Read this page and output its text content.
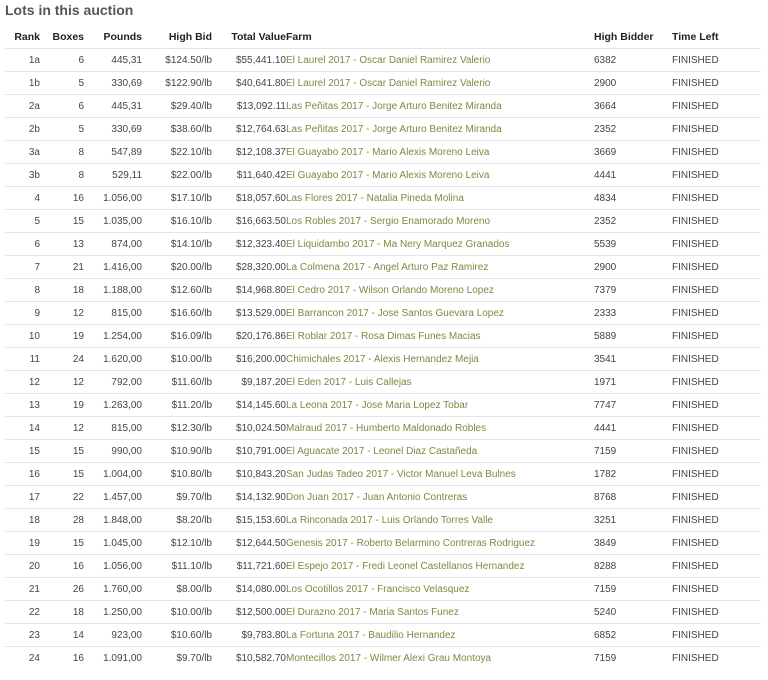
Lots in this auction
Rank	Boxes	Pounds	High Bid	Total Value	Farm	High Bidder	Time Left
1a	6	445,31	$124.50/lb	$55,441.10	El Laurel 2017 - Oscar Daniel Ramirez Valerio	6382	FINISHED
1b	5	330,69	$122.90/lb	$40,641.80	El Laurel 2017 - Oscar Daniel Ramirez Valerio	2900	FINISHED
2a	6	445,31	$29.40/lb	$13,092.11	Las Peñitas 2017 - Jorge Arturo Benitez Miranda	3664	FINISHED
2b	5	330,69	$38.60/lb	$12,764.63	Las Peñitas 2017 - Jorge Arturo Benitez Miranda	2352	FINISHED
3a	8	547,89	$22.10/lb	$12,108.37	El Guayabo 2017 - Mario Alexis Moreno Leiva	3669	FINISHED
3b	8	529,11	$22.00/lb	$11,640.42	El Guayabo 2017 - Mario Alexis Moreno Leiva	4441	FINISHED
4	16	1.056,00	$17.10/lb	$18,057.60	Las Flores 2017 - Natalia Pineda Molina	4834	FINISHED
5	15	1.035,00	$16.10/lb	$16,663.50	Los Robles 2017 - Sergio Enamorado Moreno	2352	FINISHED
6	13	874,00	$14.10/lb	$12,323.40	El Liquidambo 2017 - Ma Nery Marquez Granados	5539	FINISHED
7	21	1.416,00	$20.00/lb	$28,320.00	La Colmena 2017 - Angel Arturo Paz Ramirez	2900	FINISHED
8	18	1.188,00	$12.60/lb	$14,968.80	El Cedro 2017 - Wilson Orlando Moreno Lopez	7379	FINISHED
9	12	815,00	$16.60/lb	$13,529.00	El Barrancon 2017 - Jose Santos Guevara Lopez	2333	FINISHED
10	19	1.254,00	$16.09/lb	$20,176.86	El Roblar 2017 - Rosa Dimas Funes Macias	5889	FINISHED
11	24	1.620,00	$10.00/lb	$16,200.00	Chimichales 2017 - Alexis Hernandez Mejia	3541	FINISHED
12	12	792,00	$11.60/lb	$9,187.20	El Eden 2017 - Luis Callejas	1971	FINISHED
13	19	1.263,00	$11.20/lb	$14,145.60	La Leona 2017 - Jose Maria Lopez Tobar	7747	FINISHED
14	12	815,00	$12.30/lb	$10,024.50	Malraud 2017 - Humberto Maldonado Robles	4441	FINISHED
15	15	990,00	$10.90/lb	$10,791.00	El Aguacate 2017 - Leonel Diaz Castañeda	7159	FINISHED
16	15	1.004,00	$10.80/lb	$10,843.20	San Judas Tadeo 2017 - Victor Manuel Leva Bulnes	1782	FINISHED
17	22	1.457,00	$9.70/lb	$14,132.90	Don Juan 2017 - Juan Antonio Contreras	8768	FINISHED
18	28	1.848,00	$8.20/lb	$15,153.60	La Rinconada 2017 - Luis Orlando Torres Valle	3251	FINISHED
19	15	1.045,00	$12.10/lb	$12,644.50	Genesis 2017 - Roberto Belarmino Contreras Rodriguez	3849	FINISHED
20	16	1.056,00	$11.10/lb	$11,721.60	El Espejo 2017 - Fredi Leonel Castellanos Hernandez	8288	FINISHED
21	26	1.760,00	$8.00/lb	$14,080.00	Los Ocotillos 2017 - Francisco Velasquez	7159	FINISHED
22	18	1.250,00	$10.00/lb	$12,500.00	El Durazno 2017 - Maria Santos Funez	5240	FINISHED
23	14	923,00	$10.60/lb	$9,783.80	La Fortuna 2017 - Baudilio Hernandez	6852	FINISHED
24	16	1.091,00	$9.70/lb	$10,582.70	Montecillos 2017 - Wilmer Alexi Grau Montoya	7159	FINISHED
